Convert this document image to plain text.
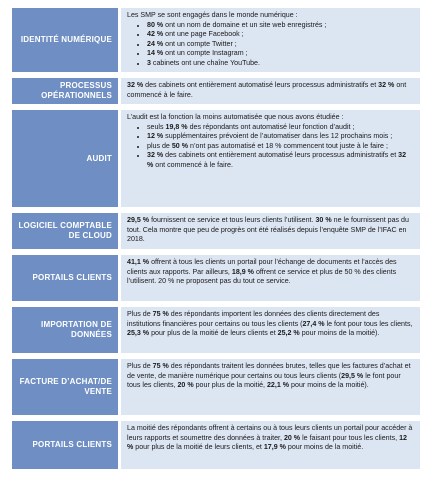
IDENTITÉ NUMÉRIQUE

Les SMP se sont engagés dans le monde numérique :

• 80 % ont un nom de domaine et un site web enregistrés ;
• 42 % ont une page Facebook ;
• 24 % ont un compte Twitter ;
• 14 % ont un compte Instagram ;
• 3 cabinets ont une chaîne YouTube.
PROCESSUS OPÉRATIONNELS

32 % des cabinets ont entièrement automatisé leurs processus administratifs et 32 % ont commencé à le faire.

AUDIT

L’audit est la fonction la moins automatisée que nous avons étudiée :

• seuls 19,8 % des répondants ont automatisé leur fonction d’audit ;
• 12 % supplémentaires prévoient de l’automatiser dans les 12 prochains mois ;
• plus de 50 % n’ont pas automatisé et 18 % commencent tout juste à le faire ;
• 32 % des cabinets ont entièrement automatisé leurs processus administratifs et 32 % ont commencé à le faire.
LOGICIEL COMPTABLE DE CLOUD

29,5 % fournissent ce service et tous leurs clients l’utilisent. 30 % ne le fournissent pas du tout. Cela montre que peu de progrès ont été réalisés depuis l’enquête SMP de l’IFAC en 2018.

PORTAILS CLIENTS

41,1 % offrent à tous les clients un portail pour l’échange de documents et l’accès des clients aux rapports. Par ailleurs, 18,9 % offrent ce service et plus de 50 % des clients l’utilisent. 20 % ne proposent pas du tout ce service.

IMPORTATION DE DONNÉES

Plus de 75 % des répondants importent les données des clients directement des institutions financières pour certains ou tous les clients (27,4 % le font pour tous les clients, 25,3 % pour plus de la moitié de leurs clients et 25,2 % pour moins de la moitié).

FACTURE D’ACHAT/DE VENTE

Plus de 75 % des répondants traitent les données brutes, telles que les factures d’achat et de vente, de manière numérique pour certains ou tous leurs clients (29,5 % le font pour tous les clients, 20 % pour plus de la moitié, 22,1 % pour moins de la moitié).

PORTAILS CLIENTS

La moitié des répondants offrent à certains ou à tous leurs clients un portail pour accéder à leurs rapports et soumettre des données à traiter, 20 % le faisant pour tous les clients, 12 % pour plus de la moitié de leurs clients, et 17,9 % pour moins de la moitié.
